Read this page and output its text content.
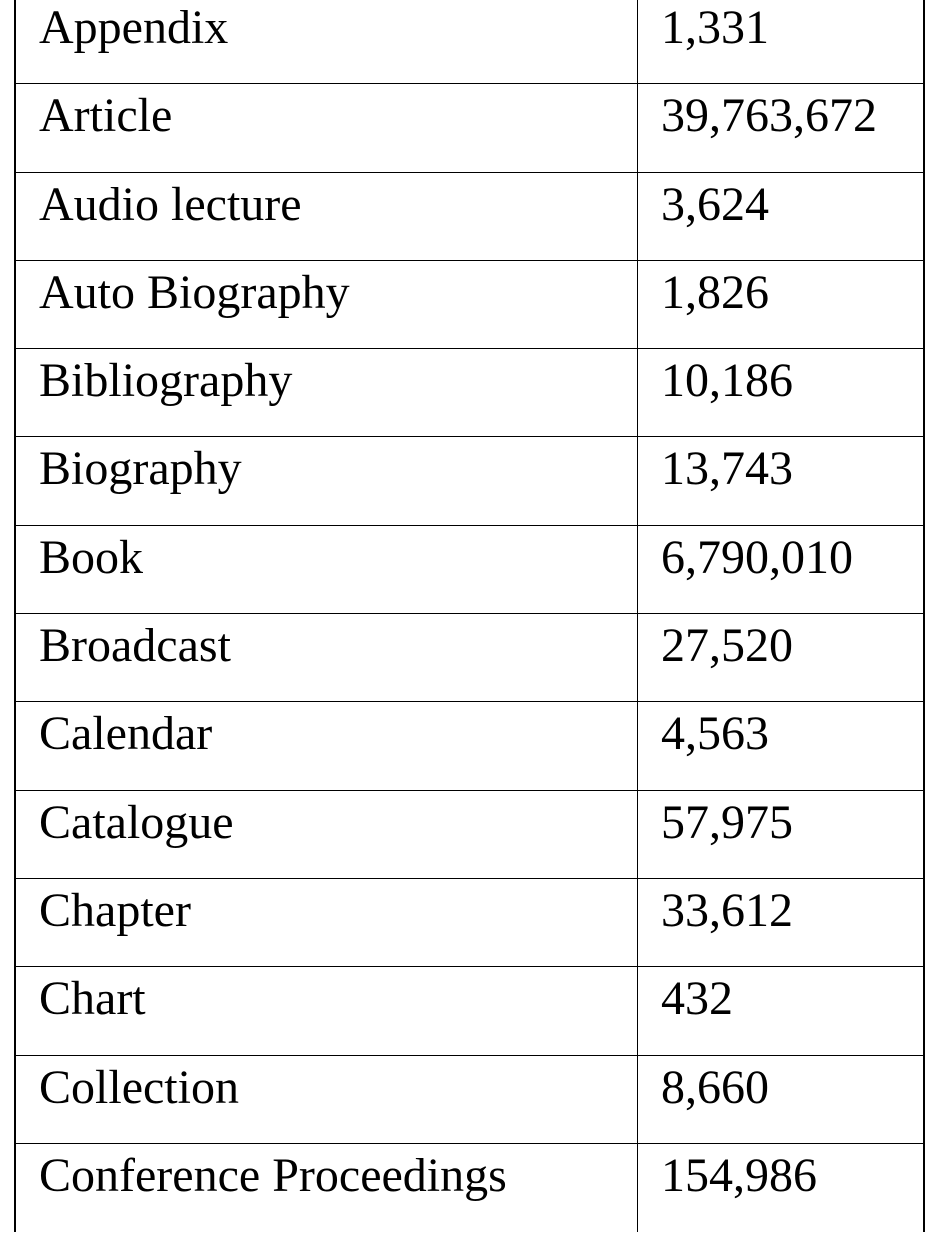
Appendix	1,331
Article	39,763,672
Audio lecture	3,624
Auto Biography	1,826
Bibliography	10,186
Biography	13,743
Book	6,790,010
Broadcast	27,520
Calendar	4,563
Catalogue	57,975
Chapter	33,612
Chart	432
Collection	8,660
Conference Proceedings	154,986
